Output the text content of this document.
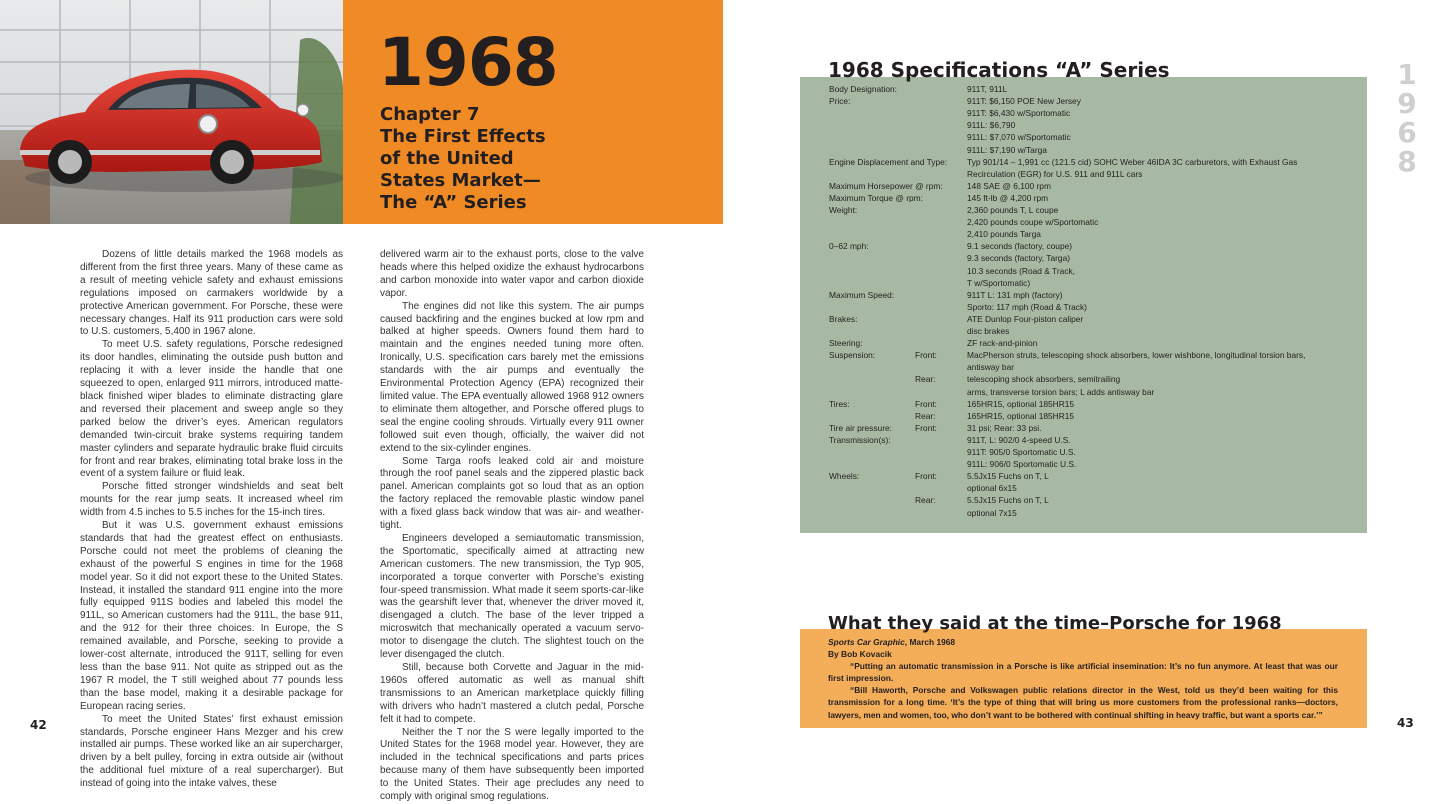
1968
Chapter 7
The First Effects
of the United
States Market—
The “A” Series

Dozens of little details marked the 1968 models as different from the first three years. Many of these came as a result of meeting vehicle safety and exhaust emissions regulations imposed on carmakers worldwide by a protective American government. For Porsche, these were necessary changes. Half its 911 production cars were sold to U.S. customers, 5,400 in 1967 alone.

To meet U.S. safety regulations, Porsche redesigned its door handles, eliminating the outside push button and replacing it with a lever inside the handle that one squeezed to open, enlarged 911 mirrors, introduced matte-black finished wiper blades to eliminate distracting glare and reversed their placement and sweep angle so they parked below the driver’s eyes. American regulators demanded twin-circuit brake systems requiring tandem master cylinders and separate hydraulic brake fluid circuits for front and rear brakes, eliminating total brake loss in the event of a system failure or fluid leak.

Porsche fitted stronger windshields and seat belt mounts for the rear jump seats. It increased wheel rim width from 4.5 inches to 5.5 inches for the 15-inch tires.

But it was U.S. government exhaust emissions standards that had the greatest effect on enthusiasts. Porsche could not meet the problems of cleaning the exhaust of the powerful S engines in time for the 1968 model year. So it did not export these to the United States. Instead, it installed the standard 911 engine into the more fully equipped 911S bodies and labeled this model the 911L, so American customers had the 911L, the base 911, and the 912 for their three choices. In Europe, the S remained available, and Porsche, seeking to provide a lower-cost alternate, introduced the 911T, selling for even less than the base 911. Not quite as stripped out as the 1967 R model, the T still weighed about 77 pounds less than the base model, making it a desirable package for European racing series.

To meet the United States’ first exhaust emission standards, Porsche engineer Hans Mezger and his crew installed air pumps. These worked like an air supercharger, driven by a belt pulley, forcing in extra outside air (without the additional fuel mixture of a real supercharger). But instead of going into the intake valves, these

delivered warm air to the exhaust ports, close to the valve heads where this helped oxidize the exhaust hydrocarbons and carbon monoxide into water vapor and carbon dioxide vapor.

The engines did not like this system. The air pumps caused backfiring and the engines bucked at low rpm and balked at higher speeds. Owners found them hard to maintain and the engines needed tuning more often. Ironically, U.S. specification cars barely met the emissions standards with the air pumps and eventually the Environmental Protection Agency (EPA) recognized their limited value. The EPA eventually allowed 1968 912 owners to eliminate them altogether, and Porsche offered plugs to seal the engine cooling shrouds. Virtually every 911 owner followed suit even though, officially, the waiver did not extend to the six-cylinder engines.

Some Targa roofs leaked cold air and moisture through the roof panel seals and the zippered plastic back panel. American complaints got so loud that as an option the factory replaced the removable plastic window panel with a fixed glass back window that was air- and weather-tight.

Engineers developed a semiautomatic transmission, the Sportomatic, specifically aimed at attracting new American customers. The new transmission, the Typ 905, incorporated a torque converter with Porsche’s existing four-speed transmission. What made it seem sports-car-like was the gearshift lever that, whenever the driver moved it, disengaged a clutch. The base of the lever tripped a microswitch that mechanically operated a vacuum servo-motor to disengage the clutch. The slightest touch on the lever disengaged the clutch.

Still, because both Corvette and Jaguar in the mid-1960s offered automatic as well as manual shift transmissions to an American marketplace quickly filling with drivers who hadn’t mastered a clutch pedal, Porsche felt it had to compete.

Neither the T nor the S were legally imported to the United States for the 1968 model year. However, they are included in the technical specifications and parts prices because many of them have subsequently been imported to the United States. Their age precludes any need to comply with original smog regulations.

42	43
1968 Specifications “A” Series
Body Designation:	911T, 911L
Price:	911T: $6,150 POE New Jersey
911T: $6,430 w/Sportomatic
911L: $6,790
911L: $7,070 w/Sportomatic
911L: $7,190 w/Targa
Engine Displacement and Type: Typ 901/14 – 1,991 cc (121.5 cid) SOHC Weber 46IDA 3C carburetors, with Exhaust Gas
Recirculation (EGR) for U.S. 911 and 911L cars
Maximum Horsepower @ rpm:	148 SAE @ 6,100 rpm
Maximum Torque @ rpm:	145 ft-lb @ 4,200 rpm
Weight:	2,360 pounds T, L coupe
2,420 pounds coupe w/Sportomatic
2,410 pounds Targa
0–62 mph:	9.1 seconds (factory, coupe)
9.3 seconds (factory, Targa)
10.3 seconds (Road & Track,
T w/Sportomatic)
Maximum Speed:	911T L: 131 mph (factory)
Sporto: 117 mph (Road & Track)
Brakes:	ATE Dunlop Four-piston caliper
disc brakes
Steering:	ZF rack-and-pinion
Suspension:	Front:	MacPherson struts, telescoping shock absorbers, lower wishbone, longitudinal torsion bars,
antisway bar
Rear:	telescoping shock absorbers, semitrailing
arms, transverse torsion bars; L adds antisway bar
Tires:	Front:	165HR15, optional 185HR15
Rear:	165HR15, optional 185HR15
Tire air pressure:	Front:	31 psi; Rear: 33 psi.
Transmission(s):	911T, L: 902/0 4-speed U.S.
911T: 905/0 Sportomatic U.S.
911L: 906/0 Sportomatic U.S.
Wheels:	Front:	5.5Jx15 Fuchs on T, L
optional 6x15
Rear:	5.5Jx15 Fuchs on T, L
optional 7x15
1
9
6
8
What they said at the time–Porsche for 1968
Sports Car Graphic, March 1968
By Bob Kovacik
“Putting an automatic transmission in a Porsche is like artificial insemination: It’s no fun anymore. At least that was our first impression.
“Bill Haworth, Porsche and Volkswagen public relations director in the West, told us they’d been waiting for this transmission for a long time. ‘It’s the type of thing that will bring us more customers from the professional ranks—doctors, lawyers, men and women, too, who don’t want to be bothered with continual shifting in heavy traffic, but want a sports car.’”
